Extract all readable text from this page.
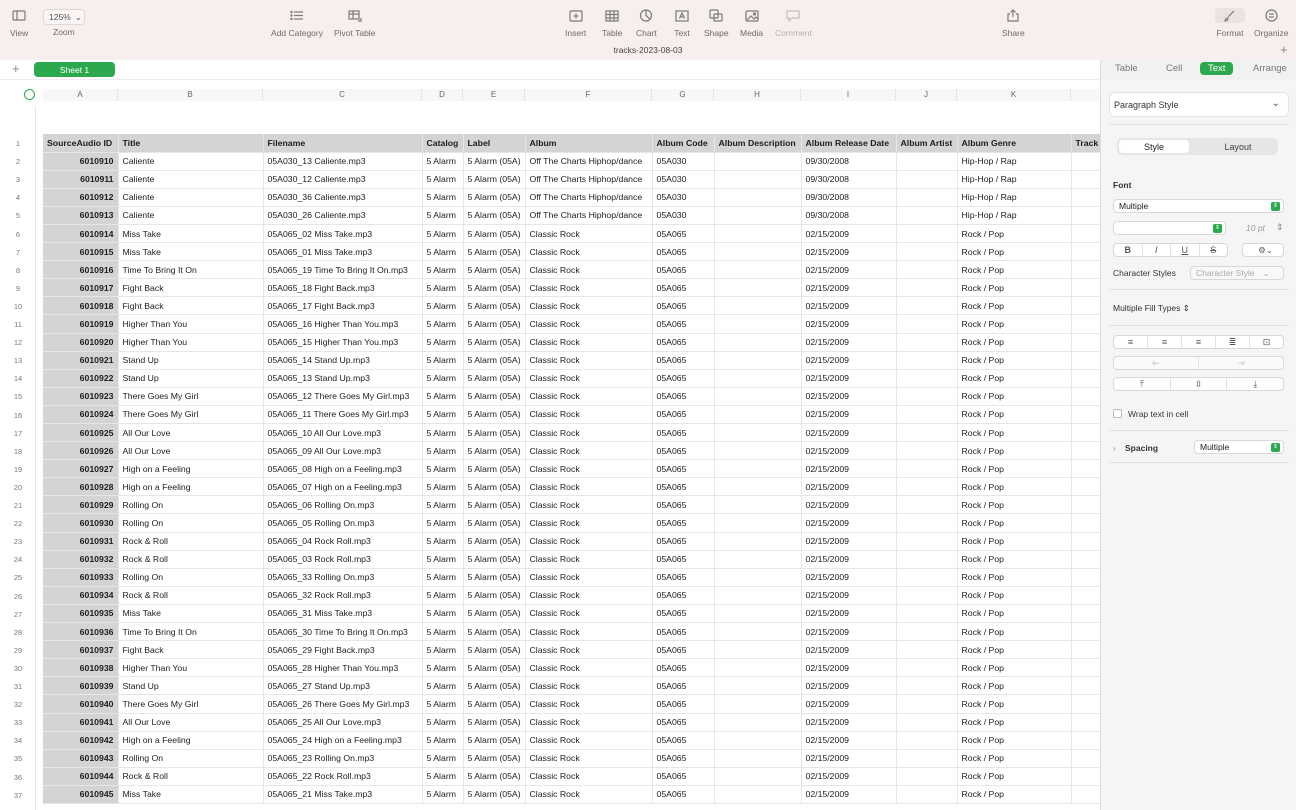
View
125% ⌄
Zoom	Add Category Pivot Table	Insert Table Chart Text Shape Media Comment	Share	Format Organize
tracks-2023-08-03	+
+	Sheet 1	Table	Cell	Text	Arrange
A	B	C	D	E	F	G	H	I	J	K
1
2
3
4
5
6
7
8
9
10
11
12
13
14
15
16
17
18
19
20
21
22
23
24
25
26
27
28
29
30
31
32
33
34
35
36
37
SourceAudio ID	Title	Filename	Catalog	Label	Album	Album Code	Album Description	Album Release Date	Album Artist	Album Genre	Track
6010910	Caliente	05A030_13 Caliente.mp3	5 Alarm	5 Alarm (05A)	Off The Charts Hiphop/dance	05A030		09/30/2008		Hip-Hop / Rap	
6010911	Caliente	05A030_12 Caliente.mp3	5 Alarm	5 Alarm (05A)	Off The Charts Hiphop/dance	05A030		09/30/2008		Hip-Hop / Rap	
6010912	Caliente	05A030_36 Caliente.mp3	5 Alarm	5 Alarm (05A)	Off The Charts Hiphop/dance	05A030		09/30/2008		Hip-Hop / Rap	
6010913	Caliente	05A030_26 Caliente.mp3	5 Alarm	5 Alarm (05A)	Off The Charts Hiphop/dance	05A030		09/30/2008		Hip-Hop / Rap	
6010914	Miss Take	05A065_02 Miss Take.mp3	5 Alarm	5 Alarm (05A)	Classic Rock	05A065		02/15/2009		Rock / Pop	
6010915	Miss Take	05A065_01 Miss Take.mp3	5 Alarm	5 Alarm (05A)	Classic Rock	05A065		02/15/2009		Rock / Pop	
6010916	Time To Bring It On	05A065_19 Time To Bring It On.mp3	5 Alarm	5 Alarm (05A)	Classic Rock	05A065		02/15/2009		Rock / Pop	
6010917	Fight Back	05A065_18 Fight Back.mp3	5 Alarm	5 Alarm (05A)	Classic Rock	05A065		02/15/2009		Rock / Pop	
6010918	Fight Back	05A065_17 Fight Back.mp3	5 Alarm	5 Alarm (05A)	Classic Rock	05A065		02/15/2009		Rock / Pop	
6010919	Higher Than You	05A065_16 Higher Than You.mp3	5 Alarm	5 Alarm (05A)	Classic Rock	05A065		02/15/2009		Rock / Pop	
6010920	Higher Than You	05A065_15 Higher Than You.mp3	5 Alarm	5 Alarm (05A)	Classic Rock	05A065		02/15/2009		Rock / Pop	
6010921	Stand Up	05A065_14 Stand Up.mp3	5 Alarm	5 Alarm (05A)	Classic Rock	05A065		02/15/2009		Rock / Pop	
6010922	Stand Up	05A065_13 Stand Up.mp3	5 Alarm	5 Alarm (05A)	Classic Rock	05A065		02/15/2009		Rock / Pop	
6010923	There Goes My Girl	05A065_12 There Goes My Girl.mp3	5 Alarm	5 Alarm (05A)	Classic Rock	05A065		02/15/2009		Rock / Pop	
6010924	There Goes My Girl	05A065_11 There Goes My Girl.mp3	5 Alarm	5 Alarm (05A)	Classic Rock	05A065		02/15/2009		Rock / Pop	
6010925	All Our Love	05A065_10 All Our Love.mp3	5 Alarm	5 Alarm (05A)	Classic Rock	05A065		02/15/2009		Rock / Pop	
6010926	All Our Love	05A065_09 All Our Love.mp3	5 Alarm	5 Alarm (05A)	Classic Rock	05A065		02/15/2009		Rock / Pop	
6010927	High on a Feeling	05A065_08 High on a Feeling.mp3	5 Alarm	5 Alarm (05A)	Classic Rock	05A065		02/15/2009		Rock / Pop	
6010928	High on a Feeling	05A065_07 High on a Feeling.mp3	5 Alarm	5 Alarm (05A)	Classic Rock	05A065		02/15/2009		Rock / Pop	
6010929	Rolling On	05A065_06 Rolling On.mp3	5 Alarm	5 Alarm (05A)	Classic Rock	05A065		02/15/2009		Rock / Pop	
6010930	Rolling On	05A065_05 Rolling On.mp3	5 Alarm	5 Alarm (05A)	Classic Rock	05A065		02/15/2009		Rock / Pop	
6010931	Rock & Roll	05A065_04 Rock Roll.mp3	5 Alarm	5 Alarm (05A)	Classic Rock	05A065		02/15/2009		Rock / Pop	
6010932	Rock & Roll	05A065_03 Rock Roll.mp3	5 Alarm	5 Alarm (05A)	Classic Rock	05A065		02/15/2009		Rock / Pop	
6010933	Rolling On	05A065_33 Rolling On.mp3	5 Alarm	5 Alarm (05A)	Classic Rock	05A065		02/15/2009		Rock / Pop	
6010934	Rock & Roll	05A065_32 Rock Roll.mp3	5 Alarm	5 Alarm (05A)	Classic Rock	05A065		02/15/2009		Rock / Pop	
6010935	Miss Take	05A065_31 Miss Take.mp3	5 Alarm	5 Alarm (05A)	Classic Rock	05A065		02/15/2009		Rock / Pop	
6010936	Time To Bring It On	05A065_30 Time To Bring It On.mp3	5 Alarm	5 Alarm (05A)	Classic Rock	05A065		02/15/2009		Rock / Pop	
6010937	Fight Back	05A065_29 Fight Back.mp3	5 Alarm	5 Alarm (05A)	Classic Rock	05A065		02/15/2009		Rock / Pop	
6010938	Higher Than You	05A065_28 Higher Than You.mp3	5 Alarm	5 Alarm (05A)	Classic Rock	05A065		02/15/2009		Rock / Pop	
6010939	Stand Up	05A065_27 Stand Up.mp3	5 Alarm	5 Alarm (05A)	Classic Rock	05A065		02/15/2009		Rock / Pop	
6010940	There Goes My Girl	05A065_26 There Goes My Girl.mp3	5 Alarm	5 Alarm (05A)	Classic Rock	05A065		02/15/2009		Rock / Pop	
6010941	All Our Love	05A065_25 All Our Love.mp3	5 Alarm	5 Alarm (05A)	Classic Rock	05A065		02/15/2009		Rock / Pop	
6010942	High on a Feeling	05A065_24 High on a Feeling.mp3	5 Alarm	5 Alarm (05A)	Classic Rock	05A065		02/15/2009		Rock / Pop	
6010943	Rolling On	05A065_23 Rolling On.mp3	5 Alarm	5 Alarm (05A)	Classic Rock	05A065		02/15/2009		Rock / Pop	
6010944	Rock & Roll	05A065_22 Rock Roll.mp3	5 Alarm	5 Alarm (05A)	Classic Rock	05A065		02/15/2009		Rock / Pop	
6010945	Miss Take	05A065_21 Miss Take.mp3	5 Alarm	5 Alarm (05A)	Classic Rock	05A065		02/15/2009		Rock / Pop	
Paragraph Style	⌄
Style	Layout
Font
Multiple	⇕
⇕	10 pt ⇕
B	I	U	S	⚙⌄
Character Styles Character Style ⌄
Multiple Fill Types ⇕
≡	≡	≡	≣	⊡
⇤	⇥
⤒	⇳	⤓
Wrap text in cell
› Spacing	Multiple	⇕
